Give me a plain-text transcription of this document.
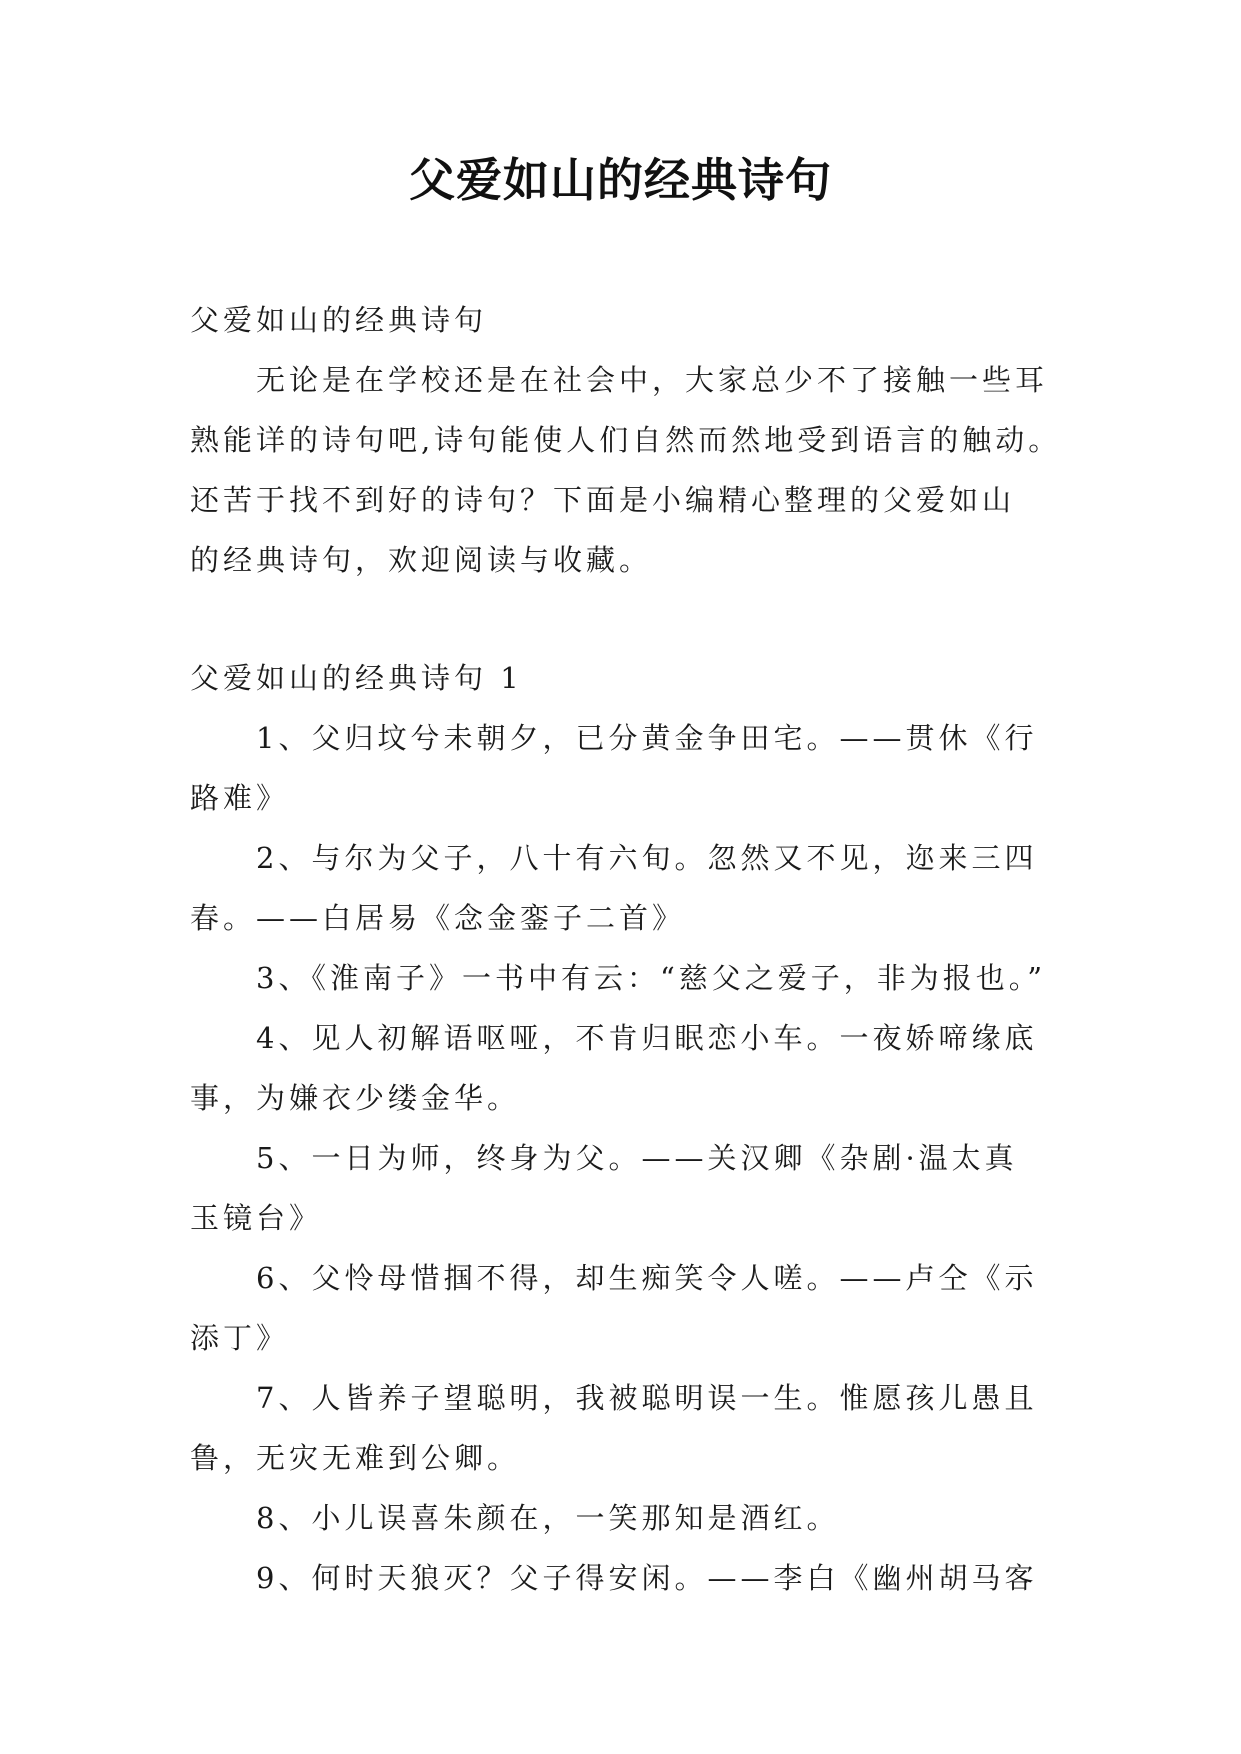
父爱如山的经典诗句

父爱如山的经典诗句

无论是在学校还是在社会中，大家总少不了接触一些耳

熟能详的诗句吧,诗句能使人们自然而然地受到语言的触动。

还苦于找不到好的诗句？下面是小编精心整理的父爱如山

的经典诗句，欢迎阅读与收藏。

父爱如山的经典诗句 1

1、父归坟兮未朝夕，已分黄金争田宅。——贯休《行

路难》

2、与尔为父子，八十有六旬。忽然又不见，迩来三四

春。——白居易《念金銮子二首》

3、《淮南子》一书中有云：“慈父之爱子，非为报也。”

4、见人初解语呕哑，不肯归眠恋小车。一夜娇啼缘底

事，为嫌衣少缕金华。

5、一日为师，终身为父。——关汉卿《杂剧·温太真

玉镜台》

6、父怜母惜掴不得，却生痴笑令人嗟。——卢仝《示

添丁》

7、人皆养子望聪明，我被聪明误一生。惟愿孩儿愚且

鲁，无灾无难到公卿。

8、小儿误喜朱颜在，一笑那知是酒红。

9、何时天狼灭？父子得安闲。——李白《幽州胡马客
